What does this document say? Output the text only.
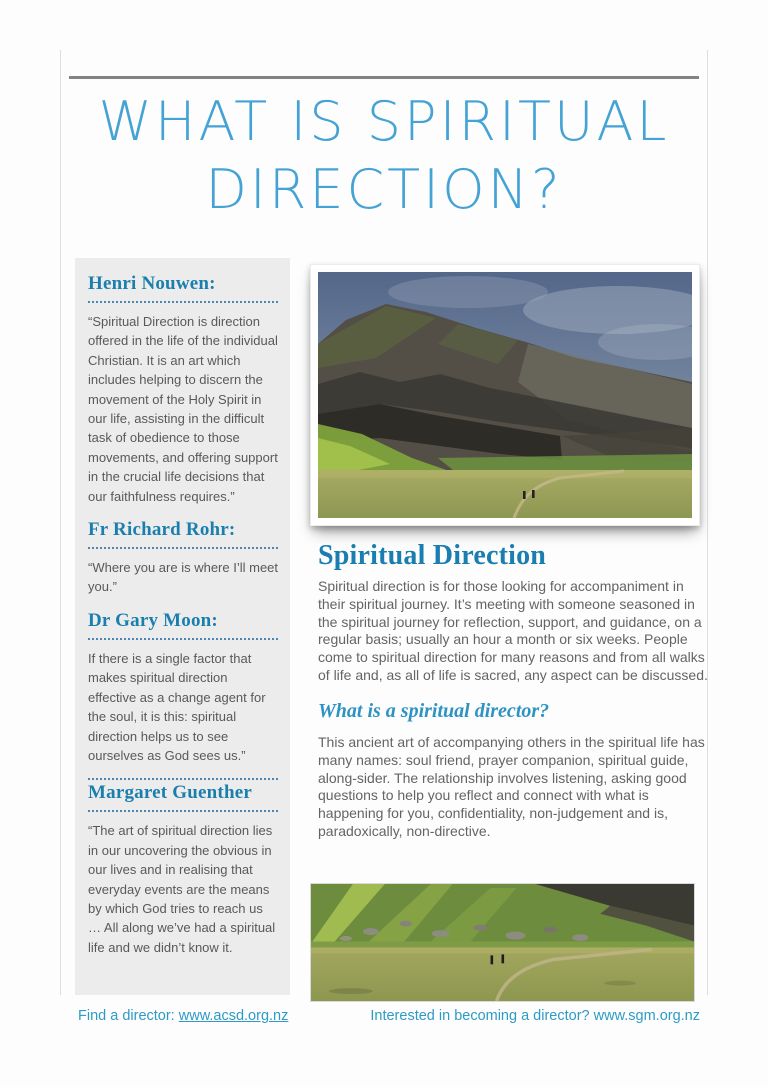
WHAT IS SPIRITUAL
DIRECTION?
Henri Nouwen:

“Spiritual Direction is direction offered in the life of the individual Christian. It is an art which includes helping to discern the movement of the Holy Spirit in our life, assisting in the difficult task of obedience to those movements, and offering support in the crucial life decisions that our faithfulness requires.”

Fr Richard Rohr:

“Where you are is where I’ll meet you.”

Dr Gary Moon:

If there is a single factor that makes spiritual direction effective as a change agent for the soul, it is this: spiritual direction helps us to see ourselves as God sees us.”

Margaret Guenther

“The art of spiritual direction lies in our uncovering the obvious in our lives and in realising that everyday events are the means by which God tries to reach us … All along we’ve had a spiritual life and we didn’t know it.

Spiritual Direction

Spiritual direction is for those looking for accompaniment in their spiritual journey. It’s meeting with someone seasoned in the spiritual journey for reflection, support, and guidance, on a regular basis; usually an hour a month or six weeks. People come to spiritual direction for many reasons and from all walks of life and, as all of life is sacred, any aspect can be discussed.

What is a spiritual director?

This ancient art of accompanying others in the spiritual life has many names: soul friend, prayer companion, spiritual guide, along-sider. The relationship involves listening, asking good questions to help you reflect and connect with what is happening for you, confidentiality, non-judgement and is, paradoxically, non-directive.

Find a director: www.acsd.org.nz	Interested in becoming a director? www.sgm.org.nz
